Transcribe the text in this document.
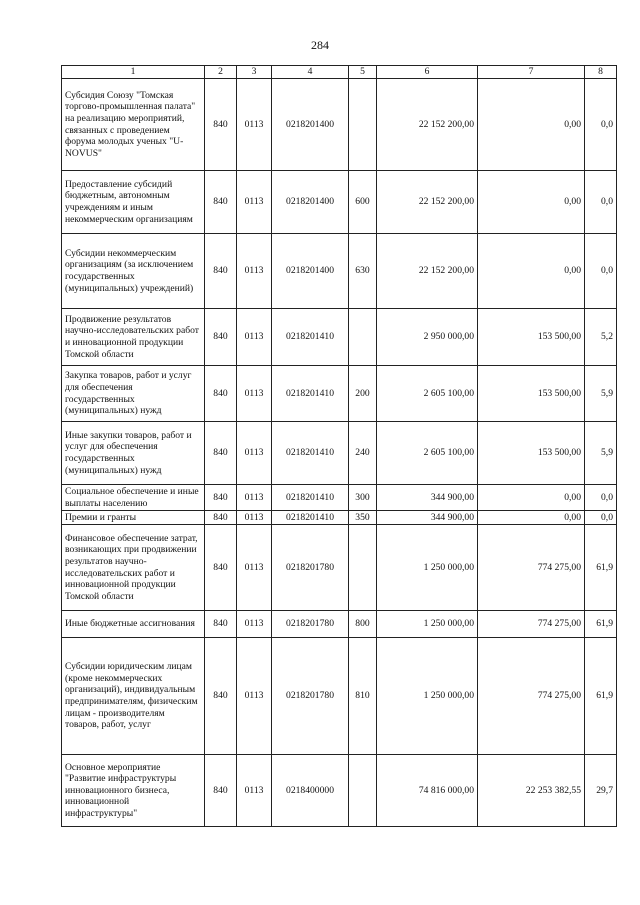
284
1	2	3	4	5	6	7	8
Субсидия Союзу "Томская торгово-промышленная палата" на реализацию мероприятий, связанных с проведением форума молодых ученых "U-NOVUS"	840	0113	0218201400		22 152 200,00	0,00	0,0
Предоставление субсидий бюджетным, автономным учреждениям и иным некоммерческим организациям	840	0113	0218201400	600	22 152 200,00	0,00	0,0
Субсидии некоммерческим организациям (за исключением государственных (муниципальных) учреждений)	840	0113	0218201400	630	22 152 200,00	0,00	0,0
Продвижение результатов научно-исследовательских работ и инновационной продукции Томской области	840	0113	0218201410		2 950 000,00	153 500,00	5,2
Закупка товаров, работ и услуг для обеспечения государственных (муниципальных) нужд	840	0113	0218201410	200	2 605 100,00	153 500,00	5,9
Иные закупки товаров, работ и услуг для обеспечения государственных (муниципальных) нужд	840	0113	0218201410	240	2 605 100,00	153 500,00	5,9
Социальное обеспечение и иные выплаты населению	840	0113	0218201410	300	344 900,00	0,00	0,0
Премии и гранты	840	0113	0218201410	350	344 900,00	0,00	0,0
Финансовое обеспечение затрат, возникающих при продвижении результатов научно-исследовательских работ и инновационной продукции Томской области	840	0113	0218201780		1 250 000,00	774 275,00	61,9
Иные бюджетные ассигнования	840	0113	0218201780	800	1 250 000,00	774 275,00	61,9
Субсидии юридическим лицам (кроме некоммерческих организаций), индивидуальным предпринимателям, физическим лицам - производителям товаров, работ, услуг	840	0113	0218201780	810	1 250 000,00	774 275,00	61,9
Основное мероприятие "Развитие инфраструктуры инновационного бизнеса, инновационной инфраструктуры"	840	0113	0218400000		74 816 000,00	22 253 382,55	29,7
